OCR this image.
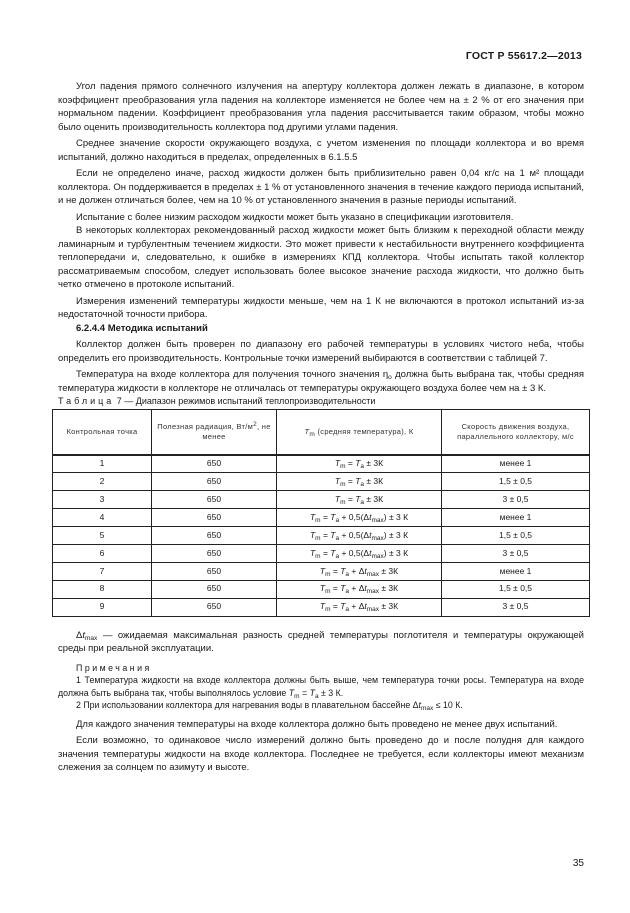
ГОСТ Р 55617.2—2013

Угол падения прямого солнечного излучения на апертуру коллектора должен лежать в диапазоне, в котором коэффициент преобразования угла падения на коллекторе изменяется не более чем на ± 2 % от его значения при нормальном падении. Коэффициент преобразования угла падения рассчитывается таким образом, чтобы можно было оценить производительность коллектора под другими углами падения.

Среднее значение скорости окружающего воздуха, с учетом изменения по площади коллектора и во время испытаний, должно находиться в пределах, определенных в 6.1.5.5

Если не определено иначе, расход жидкости должен быть приблизительно равен 0,04 кг/с на 1 м² площади коллектора. Он поддерживается в пределах ± 1 % от установленного значения в течение каждого периода испытаний, и не должен отличаться более, чем на 10 % от установленного значения в разные периоды испытаний.

Испытание с более низким расходом жидкости может быть указано в спецификации изготовителя.

В некоторых коллекторах рекомендованный расход жидкости может быть близким к переходной области между ламинарным и турбулентным течением жидкости. Это может привести к нестабильности внутреннего коэффициента теплопередачи и, следовательно, к ошибке в измерениях КПД коллектора. Чтобы испытать такой коллектор рассматриваемым способом, следует использовать более высокое значение расхода жидкости, что должно быть четко отмечено в протоколе испытаний.

Измерения изменений температуры жидкости меньше, чем на 1 К не включаются в протокол испытаний из-за недостаточной точности прибора.

6.2.4.4 Методика испытаний

Коллектор должен быть проверен по диапазону его рабочей температуры в условиях чистого неба, чтобы определить его производительность. Контрольные точки измерений выбираются в соответствии с таблицей 7.

Температура на входе коллектора для получения точного значения $\eta_o$ должна быть выбрана так, чтобы средняя температура жидкости в коллекторе не отличалась от температуры окружающего воздуха более чем на ± 3 К.

Таблица 7 — Диапазон режимов испытаний теплопроизводительности

Контрольная точка	Полезная радиация, $Вт/м^2$, не менее	$T_m$ (средняя температура), К	Скорость движения воздуха, параллельного коллектору, м/с
1	650	$T_m = T_a \pm 3К$	менее 1
2	650	$T_m = T_a \pm 3К$	1,5 ± 0,5
3	650	$T_m = T_a \pm 3К$	3 ± 0,5
4	650	$T_m = T_a + 0,5(\Delta t_{max}) \pm 3$ К	менее 1
5	650	$T_m = T_a + 0,5(\Delta t_{max}) \pm 3$ К	1,5 ± 0,5
6	650	$T_m = T_a + 0,5(\Delta t_{max}) \pm 3$ К	3 ± 0,5
7	650	$T_m = T_a + \Delta t_{max} \pm 3К$	менее 1
8	650	$T_m = T_a + \Delta t_{max} \pm 3К$	1,5 ± 0,5
9	650	$T_m = T_a + \Delta t_{max} \pm 3К$	3 ± 0,5

$\Delta t_{max}$ — ожидаемая максимальная разность средней температуры поглотителя и температуры окружающей среды при реальной эксплуатации.

Примечания

1 Температура жидкости на входе коллектора должны быть выше, чем температура точки росы. Температура на входе должна быть выбрана так, чтобы выполнялось условие $T_m = T_a \pm 3$ К.

2 При использовании коллектора для нагревания воды в плавательном бассейне $\Delta t_{max} \le 10$ К.

Для каждого значения температуры на входе коллектора должно быть проведено не менее двух испытаний.

Если возможно, то одинаковое число измерений должно быть проведено до и после полудня для каждого значения температуры жидкости на входе коллектора. Последнее не требуется, если коллекторы имеют механизм слежения за солнцем по азимуту и высоте.

35
